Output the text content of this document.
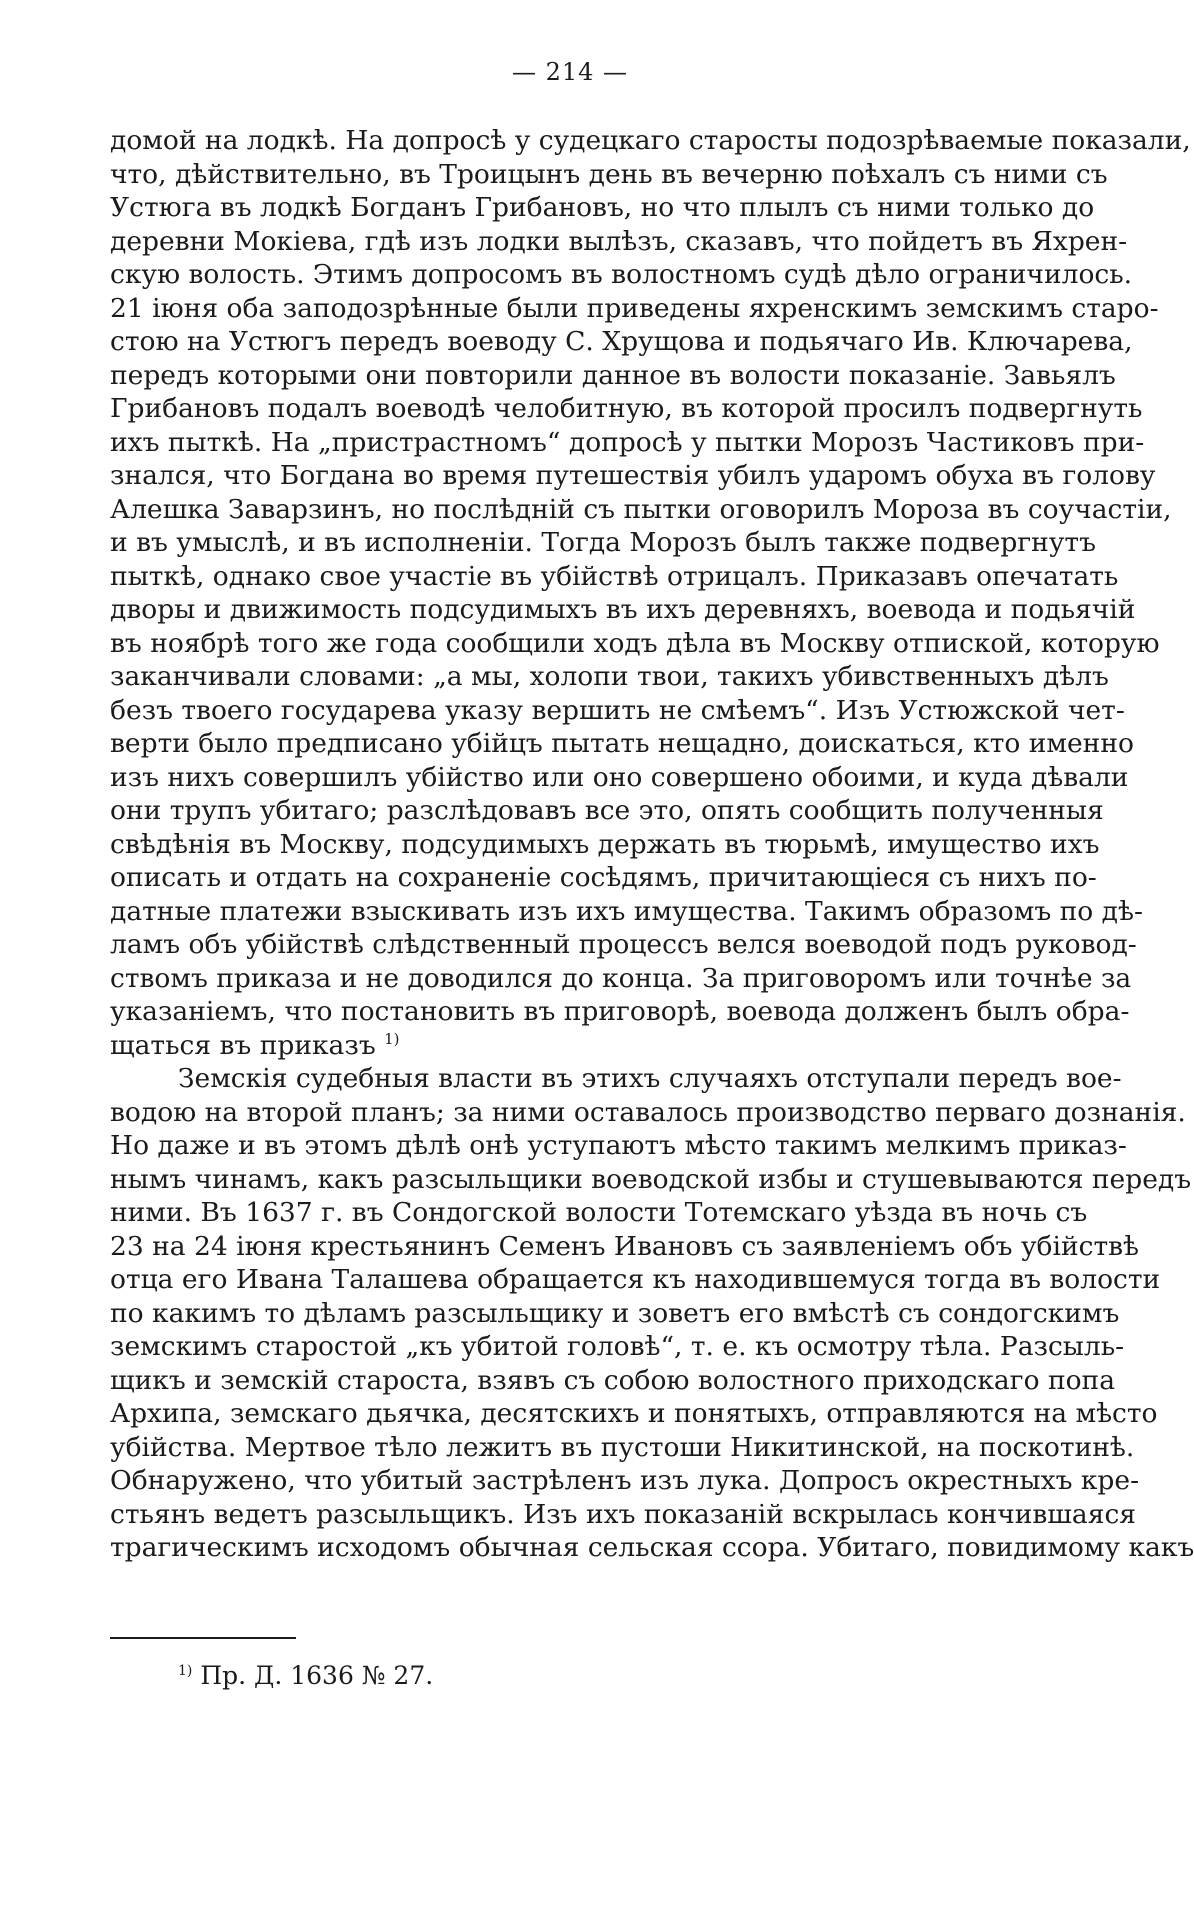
— 214 —
домой на лодкѣ. На допросѣ у судецкаго старосты подозрѣваемые показали,
что, дѣйствительно, въ Троицынъ день въ вечерню поѣхалъ съ ними съ
Устюга въ лодкѣ Богданъ Грибановъ, но что плылъ съ ними только до
деревни Мокіева, гдѣ изъ лодки вылѣзъ, сказавъ, что пойдетъ въ Яхрен-
скую волость. Этимъ допросомъ въ волостномъ судѣ дѣло ограничилось.
21 іюня оба заподозрѣнные были приведены яхренскимъ земскимъ старо-
стою на Устюгъ передъ воеводу С. Хрущова и подьячаго Ив. Ключарева,
передъ которыми они повторили данное въ волости показаніе. Завьялъ
Грибановъ подалъ воеводѣ челобитную, въ которой просилъ подвергнуть
ихъ пыткѣ. На „пристрастномъ“ допросѣ у пытки Морозъ Частиковъ при-
знался, что Богдана во время путешествія убилъ ударомъ обуха въ голову
Алешка Заварзинъ, но послѣдній съ пытки оговорилъ Мороза въ соучастіи,
и въ умыслѣ, и въ исполненіи. Тогда Морозъ былъ также подвергнутъ
пыткѣ, однако свое участіе въ убійствѣ отрицалъ. Приказавъ опечатать
дворы и движимость подсудимыхъ въ ихъ деревняхъ, воевода и подьячій
въ ноябрѣ того же года сообщили ходъ дѣла въ Москву отпиской, которую
заканчивали словами: „а мы, холопи твои, такихъ убивственныхъ дѣлъ
безъ твоего государева указу вершить не смѣемъ“. Изъ Устюжской чет-
верти было предписано убійцъ пытать нещадно, доискаться, кто именно
изъ нихъ совершилъ убійство или оно совершено обоими, и куда дѣвали
они трупъ убитаго; разслѣдовавъ все это, опять сообщить полученныя
свѣдѣнія въ Москву, подсудимыхъ держать въ тюрьмѣ, имущество ихъ
описать и отдать на сохраненіе сосѣдямъ, причитающіеся съ нихъ по-
датные платежи взыскивать изъ ихъ имущества. Такимъ образомъ по дѣ-
ламъ объ убійствѣ слѣдственный процессъ велся воеводой подъ руковод-
ствомъ приказа и не доводился до конца. За приговоромъ или точнѣе за
указаніемъ, что постановить въ приговорѣ, воевода долженъ былъ обра-
щаться въ приказъ $^{1)}$
Земскія судебныя власти въ этихъ случаяхъ отступали передъ вое-
водою на второй планъ; за ними оставалось производство перваго дознанія.
Но даже и въ этомъ дѣлѣ онѣ уступаютъ мѣсто такимъ мелкимъ приказ-
нымъ чинамъ, какъ разсыльщики воеводской избы и стушевываются передъ
ними. Въ 1637 г. въ Сондогской волости Тотемскаго уѣзда въ ночь съ
23 на 24 іюня крестьянинъ Семенъ Ивановъ съ заявленіемъ объ убійствѣ
отца его Ивана Талашева обращается къ находившемуся тогда въ волости
по какимъ то дѣламъ разсыльщику и зоветъ его вмѣстѣ съ сондогскимъ
земскимъ старостой „къ убитой головѣ“, т. е. къ осмотру тѣла. Разсыль-
щикъ и земскій староста, взявъ съ собою волостного приходскаго попа
Архипа, земскаго дьячка, десятскихъ и понятыхъ, отправляются на мѣсто
убійства. Мертвое тѣло лежитъ въ пустоши Никитинской, на поскотинѣ.
Обнаружено, что убитый застрѣленъ изъ лука. Допросъ окрестныхъ кре-
стьянъ ведетъ разсыльщикъ. Изъ ихъ показаній вскрылась кончившаяся
трагическимъ исходомъ обычная сельская ссора. Убитаго, повидимому какъ
$^{1)}$ Пр. Д. 1636 № 27.
